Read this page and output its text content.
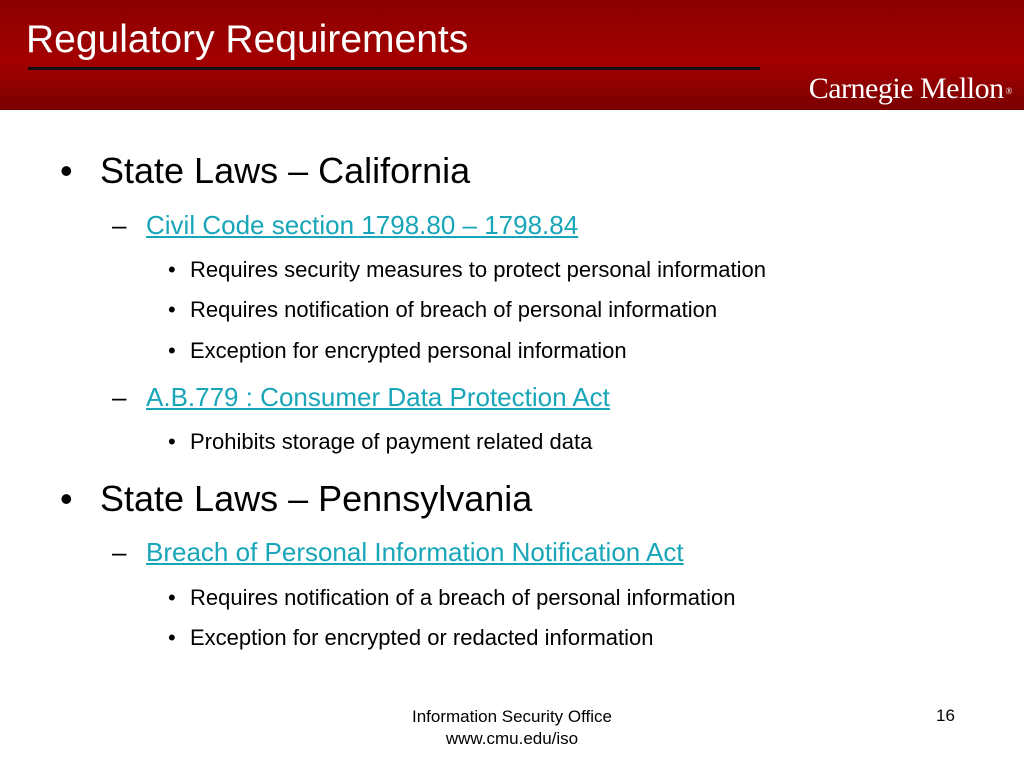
Regulatory Requirements
Carnegie Mellon ®
• State Laws – California
– Civil Code section 1798.80 – 1798.84
• Requires security measures to protect personal information
• Requires notification of breach of personal information
• Exception for encrypted personal information
– A.B.779 : Consumer Data Protection Act
• Prohibits storage of payment related data
• State Laws – Pennsylvania
– Breach of Personal Information Notification Act
• Requires notification of a breach of personal information
• Exception for encrypted or redacted information
Information Security Office
www.cmu.edu/iso
16
